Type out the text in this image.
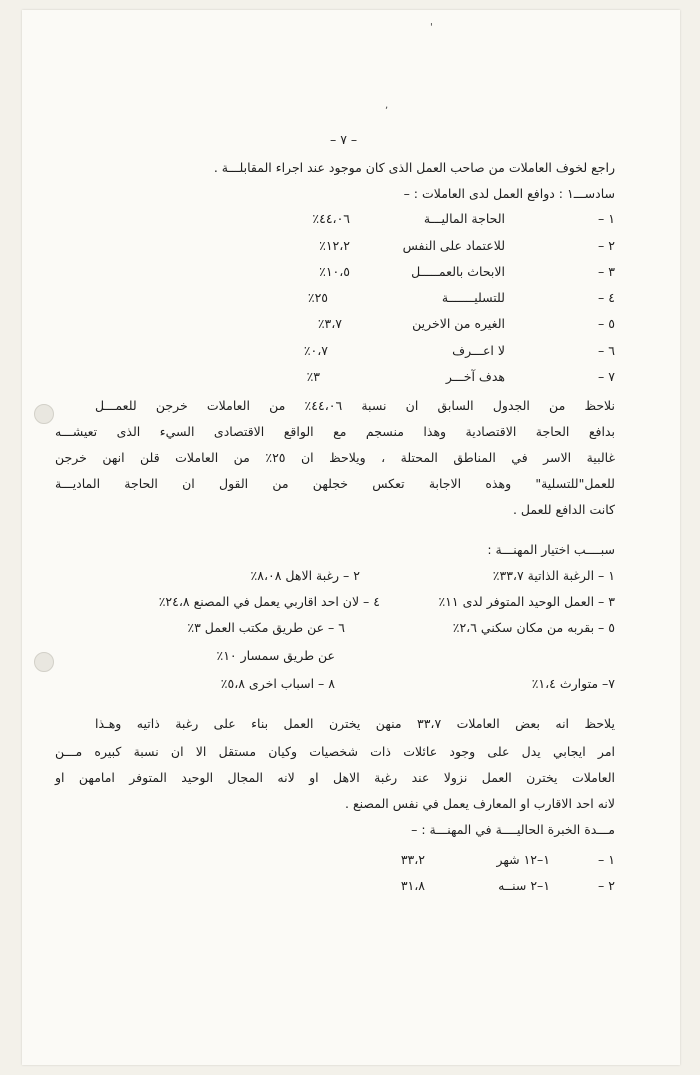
'
,
– ٧ –
راجع لخوف العاملات من صاحب العمل الذى كان موجود عند اجراء المقابلـــة .
سادســـ١ : دوافع العمل لدى العاملات : –
١ –
الحاجة الماليـــة
٤٤،٠٦٪
٢ –
للاعتماد على النفس
١٢،٢٪
٣ –
الابحاث بالعمـــــل
١٠،٥٪
٤ –
للتسليـــــــة
٢٥٪
٥ –
الغيره من الاخرين
٣،٧٪
٦ –
لا اعـــرف
٠،٧٪
٧ –
هدف آخـــر
٣٪
نلاحظ من الجدول السابق ان نسبة ٤٤،٠٦٪ من العاملات خرجن للعمـــل
بدافع الحاجة الاقتصادية وهذا منسجم مع الواقع الاقتصادى السيء الذى تعيشـــه
غالبية الاسر في المناطق المحتلة ، ويلاحظ ان ٢٥٪ من العاملات قلن انهن خرجن
للعمل"للتسلية" وهذه الاجابة تعكس خجلهن من القول ان الحاجة الماديـــة
كانت الدافع للعمل .
سبــــب اختيار المهنـــة :
١ – الرغبة الذاتية ٣٣،٧٪
٢ – رغبة الاهل ٨،٠٨٪
٣ – العمل الوحيد المتوفر لدى ١١٪
٤ – لان احد اقاربي يعمل في المصنع ٢٤،٨٪
٥ – بقربه من مكان سكني ٢،٦٪
٦ – عن طريق مكتب العمل ٣٪
عن طريق سمسار ١٠٪
٧– متوارث ١،٤٪
٨ – اسباب اخرى ٥،٨٪
يلاحظ انه بعض العاملات ٣٣،٧ منهن يخترن العمل بناء على رغبة ذاتيه وهـذا
امر ايجابي يدل على وجود عائلات ذات شخصيات وكيان مستقل الا ان نسبة كبيره مـــن
العاملات يخترن العمل نزولا عند رغبة الاهل او لانه المجال الوحيد المتوفر امامهن او
لانه احد الاقارب او المعارف يعمل في نفس المصنع .
مـــدة الخبرة الحاليــــة في المهنـــة : –
١ –
١–١٢ شهر
٣٣،٢
٢ –
١–٢ سنــه
٣١،٨
